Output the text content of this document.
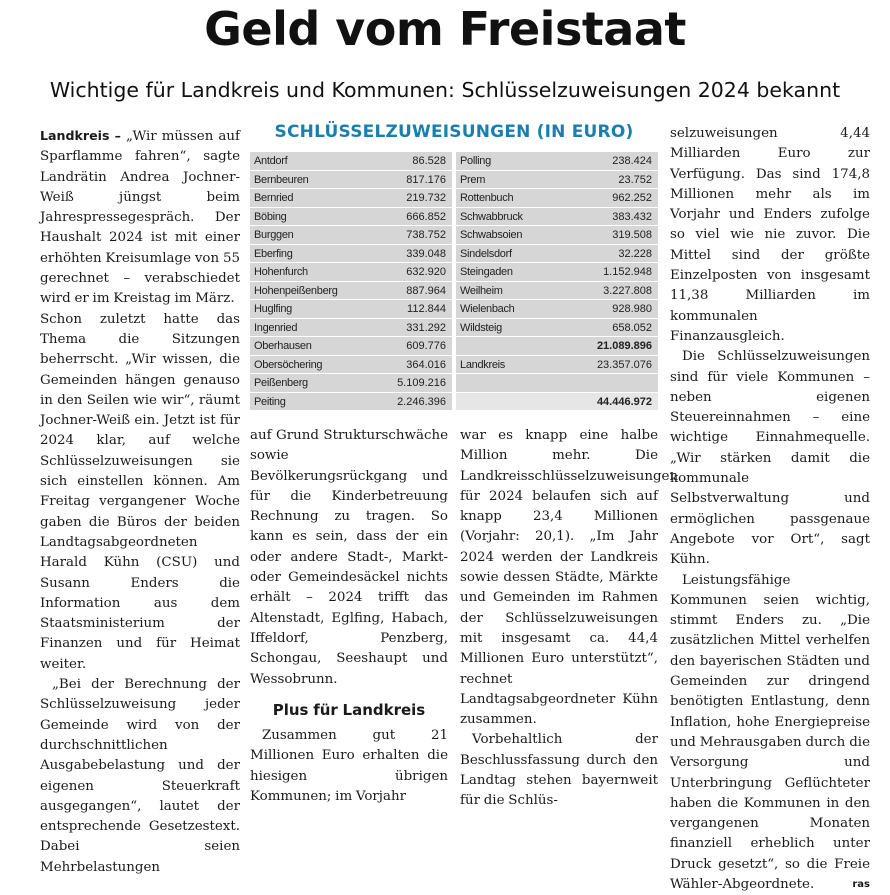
Geld vom Freistaat
Wichtige für Landkreis und Kommunen: Schlüsselzuweisungen 2024 bekannt

Landkreis – „Wir müssen auf Sparflamme fahren“, sagte Landrätin Andrea Jochner-Weiß jüngst beim Jahrespressegespräch. Der Haushalt 2024 ist mit einer erhöhten Kreisumlage von 55 gerechnet – verabschiedet wird er im Kreistag im März.

Schon zuletzt hatte das Thema die Sitzungen beherrscht. „Wir wissen, die Gemeinden hängen genauso in den Seilen wie wir“, räumt Jochner-Weiß ein. Jetzt ist für 2024 klar, auf welche Schlüsselzuweisungen sie sich einstellen können. Am Freitag vergangener Woche gaben die Büros der beiden Landtagsabgeordneten Harald Kühn (CSU) und Susann Enders die Information aus dem Staatsministerium der Finanzen und für Heimat weiter.

„Bei der Berechnung der Schlüsselzuweisung jeder Gemeinde wird von der durchschnittlichen Ausgabebelastung und der eigenen Steuerkraft ausgegangen“, lautet der entsprechende Gesetzestext. Dabei seien Mehrbelastungen

SCHLÜSSELZUWEISUNGEN (IN EURO)
Antdorf	86.528
Bernbeuren	817.176
Bernried	219.732
Böbing	666.852
Burggen	738.752
Eberfing	339.048
Hohenfurch	632.920
Hohenpeißenberg	887.964
Huglfing	112.844
Ingenried	331.292
Oberhausen	609.776
Obersöchering	364.016
Peißenberg	5.109.216
Peiting	2.246.396
Polling	238.424
Prem	23.752
Rottenbuch	962.252
Schwabbruck	383.432
Schwabsoien	319.508
Sindelsdorf	32.228
Steingaden	1.152.948
Weilheim	3.227.808
Wielenbach	928.980
Wildsteig	658.052
21.089.896
Landkreis	23.357.076
44.446.972

auf Grund Strukturschwäche sowie Bevölkerungsrückgang und für die Kinderbetreuung Rechnung zu tragen. So kann es sein, dass der ein oder andere Stadt-, Markt- oder Gemeindesäckel nichts erhält – 2024 trifft das Altenstadt, Eglfing, Habach, Iffeldorf, Penzberg, Schongau, Seeshaupt und Wessobrunn.

Plus für Landkreis

Zusammen gut 21 Millionen Euro erhalten die hiesigen übrigen Kommunen; im Vorjahr

war es knapp eine halbe Million mehr. Die Landkreisschlüsselzuweisungen für 2024 belaufen sich auf knapp 23,4 Millionen (Vorjahr: 20,1). „Im Jahr 2024 werden der Landkreis sowie dessen Städte, Märkte und Gemeinden im Rahmen der Schlüsselzuweisungen mit insgesamt ca. 44,4 Millionen Euro unterstützt“, rechnet Landtagsabgeordneter Kühn zusammen.

Vorbehaltlich der Beschlussfassung durch den Landtag stehen bayernweit für die Schlüs-

selzuweisungen 4,44 Milliarden Euro zur Verfügung. Das sind 174,8 Millionen mehr als im Vorjahr und Enders zufolge so viel wie nie zuvor. Die Mittel sind der größte Einzelposten von insgesamt 11,38 Milliarden im kommunalen Finanzausgleich.

Die Schlüsselzuweisungen sind für viele Kommunen – neben eigenen Steuereinnahmen – eine wichtige Einnahmequelle. „Wir stärken damit die kommunale Selbstverwaltung und ermöglichen passgenaue Angebote vor Ort“, sagt Kühn.

Leistungsfähige Kommunen seien wichtig, stimmt Enders zu. „Die zusätzlichen Mittel verhelfen den bayerischen Städten und Gemeinden zur dringend benötigten Entlastung, denn Inflation, hohe Energiepreise und Mehrausgaben durch die Versorgung und Unterbringung Geflüchteter haben die Kommunen in den vergangenen Monaten finanziell erheblich unter Druck gesetzt“, so die Freie Wähler-Abgeordnete.	ras
